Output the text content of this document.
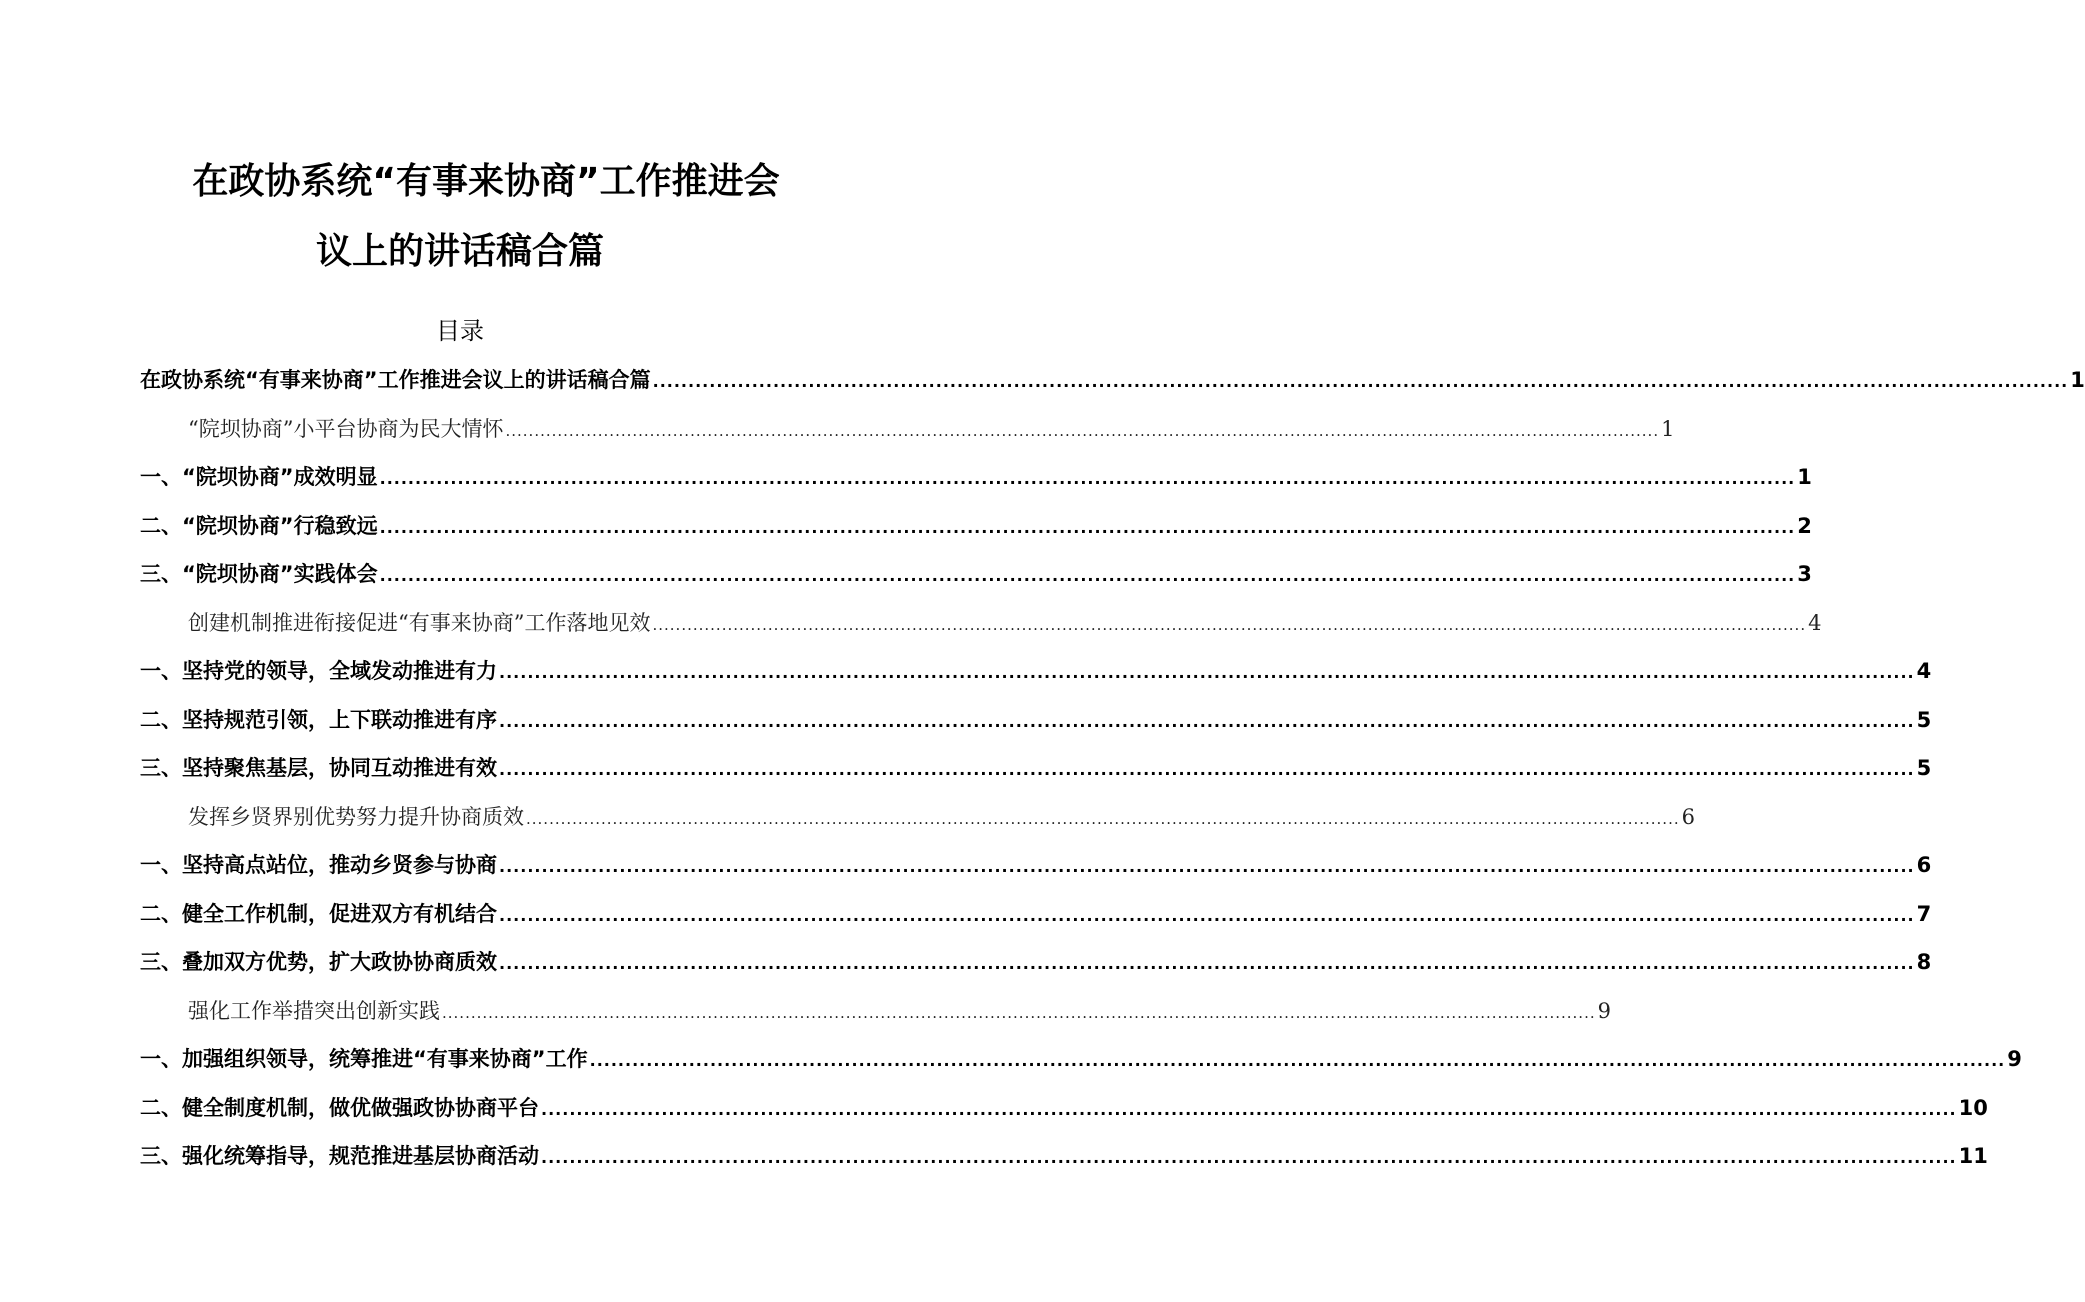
在政协系统“有事来协商”工作推进会
议上的讲话稿合篇
目录
在政协系统“有事来协商”工作推进会议上的讲话稿合篇 ........................................................................................................................................................................................................ 1
“院坝协商”小平台协商为民大情怀 ........................................................................................................................................................................................................ 1
一、“院坝协商”成效明显 ........................................................................................................................................................................................................ 1
二、“院坝协商”行稳致远 ........................................................................................................................................................................................................ 2
三、“院坝协商”实践体会 ........................................................................................................................................................................................................ 3
创建机制推进衔接促进“有事来协商”工作落地见效 ........................................................................................................................................................................................................ 4
一、坚持党的领导，全域发动推进有力 ........................................................................................................................................................................................................ 4
二、坚持规范引领，上下联动推进有序 ........................................................................................................................................................................................................ 5
三、坚持聚焦基层，协同互动推进有效 ........................................................................................................................................................................................................ 5
发挥乡贤界别优势努力提升协商质效 ........................................................................................................................................................................................................ 6
一、坚持高点站位，推动乡贤参与协商 ........................................................................................................................................................................................................ 6
二、健全工作机制，促进双方有机结合 ........................................................................................................................................................................................................ 7
三、叠加双方优势，扩大政协协商质效 ........................................................................................................................................................................................................ 8
强化工作举措突出创新实践 ........................................................................................................................................................................................................ 9
一、加强组织领导，统筹推进“有事来协商”工作 ........................................................................................................................................................................................................ 9
二、健全制度机制，做优做强政协协商平台 ........................................................................................................................................................................................................ 10
三、强化统筹指导，规范推进基层协商活动 ........................................................................................................................................................................................................ 11
